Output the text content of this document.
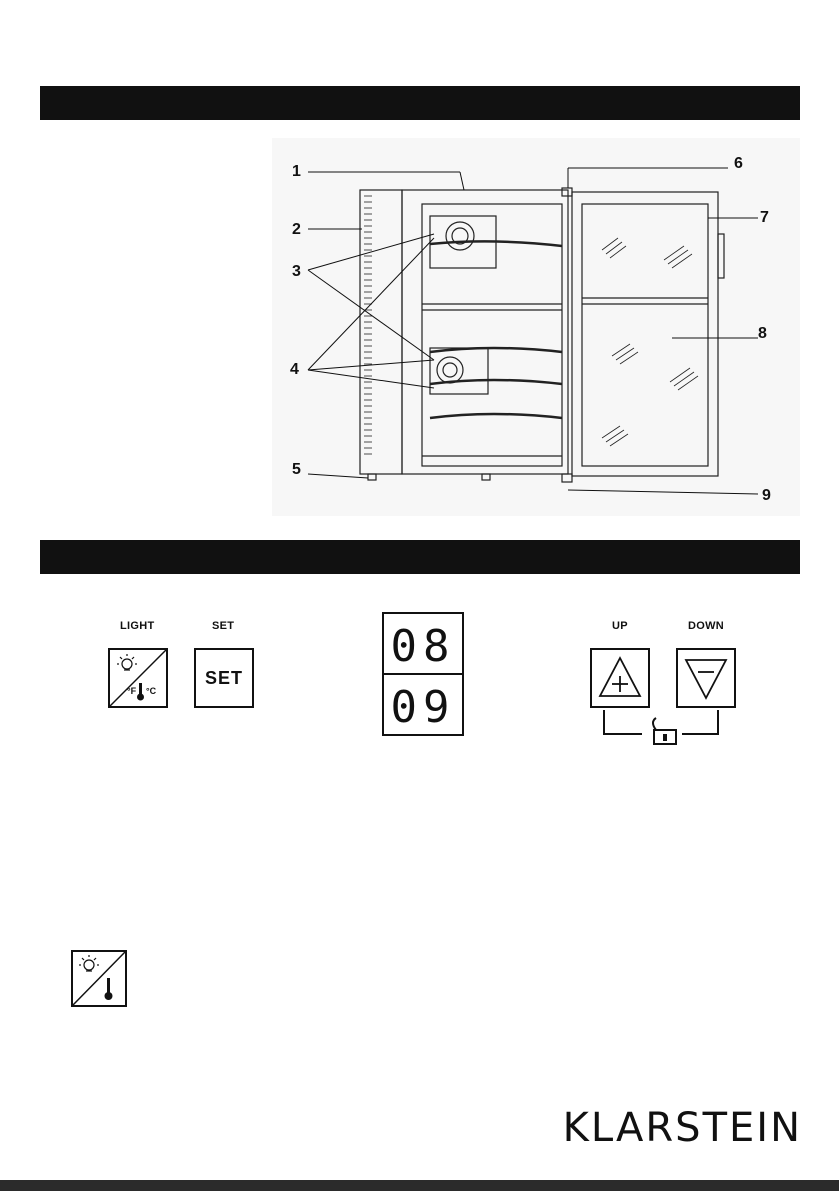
1
2
3
4
5
6
7
8
9
LIGHT	SET
°F °C
SET
08
09
UP	DOWN
KLARSTEIN
